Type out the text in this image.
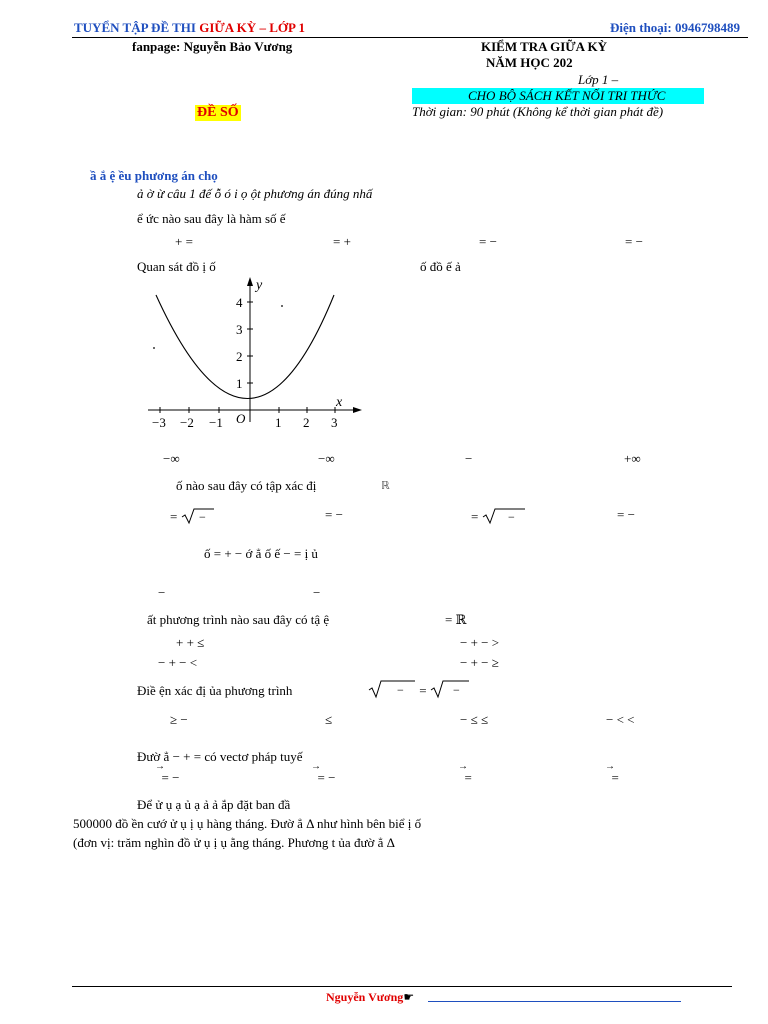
TUYỂN TẬP ĐỀ THI GIỮA KỲ – LỚP 1	Điện thoại: 0946798489
fanpage: Nguyễn Bảo Vương	KIỂM TRA GIỮA KỲ
NĂM HỌC 202
Lớp 1 –
CHO BỘ SÁCH KẾT NỐI TRI THỨC
ĐỀ SỐ	Thời gian: 90 phút (Không kể thời gian phát đề)
ầ ắ ệ ều phương án chọ
ả ờ ừ câu 1 đế ỗ ó i ọ ột phương án đúng nhấ
ể ức nào sau đây là hàm số ế
+ =	= +	= −	= −
Quan sát đồ ị ố	ố đồ ế ả
−3 −2 −1	1 2 3
1
2
3
4
x
y
O
−∞	−∞	−	+∞
ố nào sau đây có tập xác đị	ℝ
= −	= −	= −	= −
ố = + − ớ ẳ ố ế − = ị ủ
−	−
ất phương trình nào sau đây có tậ ệ	= ℝ
+ + ≤	− + − >
− + − <	− + − ≥
Điề ện xác đị ủa phương trình	− = −
≥ −	≤	− ≤ ≤	− < <
Đườ ẳ − + = có vectơ pháp tuyế
→
= −
→
= −
→
=
→
=
Để ử ụ ạ ủ ạ ả ả ắp đặt ban đầ
500000 đồ ền cướ ử ụ ị ụ hàng tháng. Đườ ẳ Δ như hình bên biể ị ố
(đơn vị: trăm nghìn đồ ử ụ ị ụ ằng tháng. Phương t ủa đườ ẳ Δ
Nguyễn Vương☛
